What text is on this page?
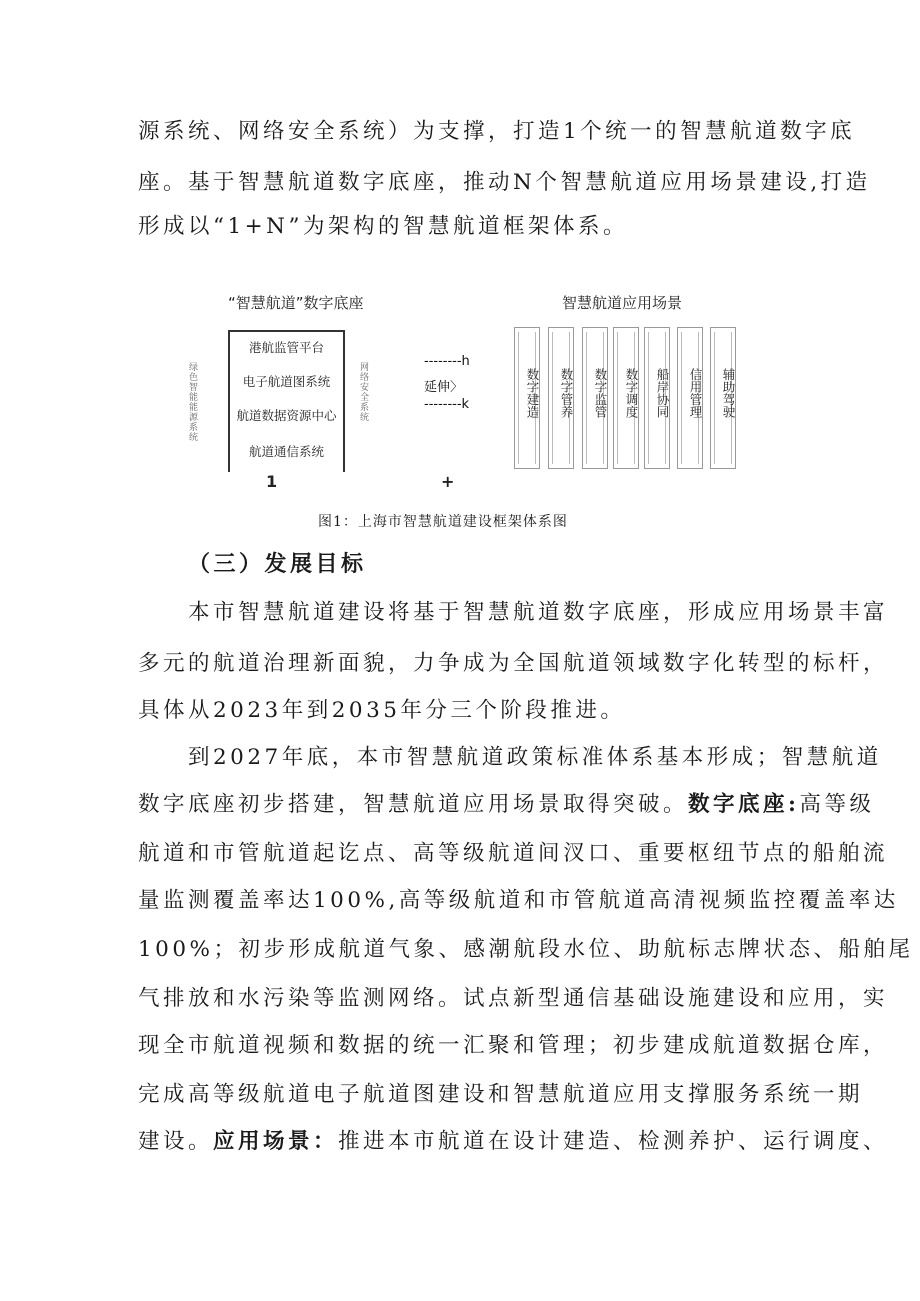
源系统、网络安全系统）为支撑，打造1个统一的智慧航道数字底
座。基于智慧航道数字底座，推动N个智慧航道应用场景建设,打造
形成以“1+N”为架构的智慧航道框架体系。
“智慧航道”数字底座	智慧航道应用场景
绿色智能能源系统
港航监管平台
电子航道图系统
航道数据资源中心
航道通信系统
网络安全系统
--------h
延伸〉
--------k
1	+
数字建造	数字管养	数字监管	数字调度	船岸协同	信用管理	辅助驾驶
图1：上海市智慧航道建设框架体系图
（三）发展目标
本市智慧航道建设将基于智慧航道数字底座，形成应用场景丰富
多元的航道治理新面貌，力争成为全国航道领域数字化转型的标杆，
具体从2023年到2035年分三个阶段推进。
到2027年底，本市智慧航道政策标准体系基本形成；智慧航道
数字底座初步搭建，智慧航道应用场景取得突破。数字底座:高等级
航道和市管航道起讫点、高等级航道间汊口、重要枢纽节点的船舶流
量监测覆盖率达100%,高等级航道和市管航道高清视频监控覆盖率达
100%；初步形成航道气象、感潮航段水位、助航标志牌状态、船舶尾
气排放和水污染等监测网络。试点新型通信基础设施建设和应用，实
现全市航道视频和数据的统一汇聚和管理；初步建成航道数据仓库，
完成高等级航道电子航道图建设和智慧航道应用支撑服务系统一期
建设。应用场景：推进本市航道在设计建造、检测养护、运行调度、
